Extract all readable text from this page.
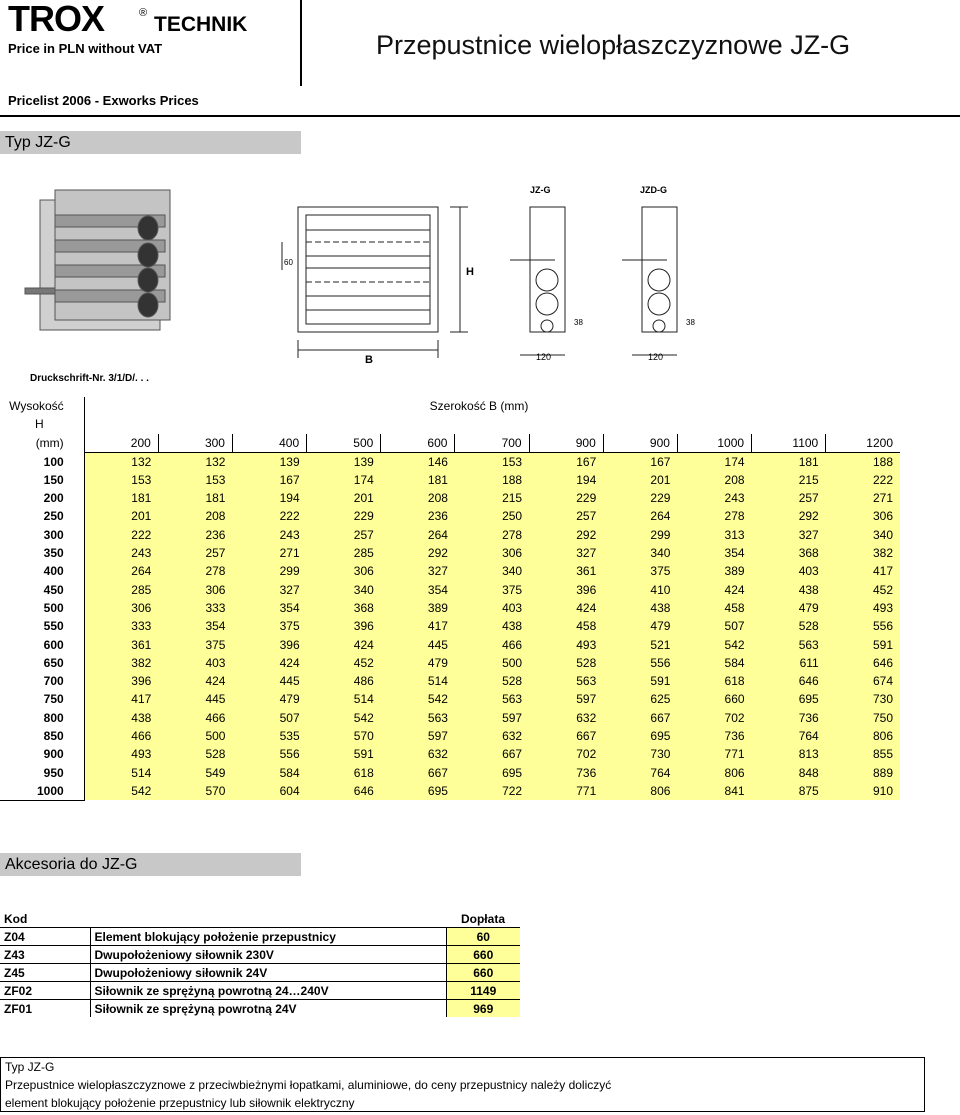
TROX	® TECHNIK
Price in PLN without VAT	Przepustnice wielopłaszczyznowe JZ-G
Pricelist 2006 - Exworks Prices
Typ JZ-G
Druckschrift-Nr. 3/1/D/. . .
B
H
60
JZ-G
120
38
JZD-G
120
38
Wysokość	Szerokość B (mm)										
H											
(mm)	200	300	400	500	600	700	900	900	1000	1100	1200
100	132	132	139	139	146	153	167	167	174	181	188
150	153	153	167	174	181	188	194	201	208	215	222
200	181	181	194	201	208	215	229	229	243	257	271
250	201	208	222	229	236	250	257	264	278	292	306
300	222	236	243	257	264	278	292	299	313	327	340
350	243	257	271	285	292	306	327	340	354	368	382
400	264	278	299	306	327	340	361	375	389	403	417
450	285	306	327	340	354	375	396	410	424	438	452
500	306	333	354	368	389	403	424	438	458	479	493
550	333	354	375	396	417	438	458	479	507	528	556
600	361	375	396	424	445	466	493	521	542	563	591
650	382	403	424	452	479	500	528	556	584	611	646
700	396	424	445	486	514	528	563	591	618	646	674
750	417	445	479	514	542	563	597	625	660	695	730
800	438	466	507	542	563	597	632	667	702	736	750
850	466	500	535	570	597	632	667	695	736	764	806
900	493	528	556	591	632	667	702	730	771	813	855
950	514	549	584	618	667	695	736	764	806	848	889
1000	542	570	604	646	695	722	771	806	841	875	910
Akcesoria do JZ-G
Kod		Dopłata
Z04	Element blokujący położenie przepustnicy	60
Z43	Dwupołożeniowy siłownik 230V	660
Z45	Dwupołożeniowy siłownik 24V	660
ZF02	Siłownik ze sprężyną powrotną 24…240V	1149
ZF01	Siłownik ze sprężyną powrotną 24V	969
Typ JZ-G
Przepustnice wielopłaszczyznowe z przeciwbieżnymi łopatkami, aluminiowe, do ceny przepustnicy należy doliczyć
element blokujący położenie przepustnicy lub siłownik elektryczny
